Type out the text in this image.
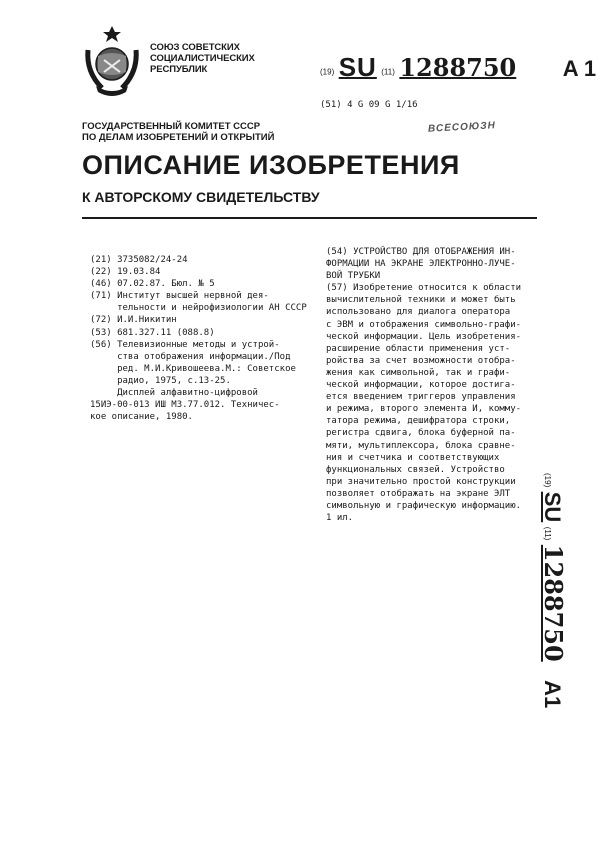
СОЮЗ СОВЕТСКИХ
СОЦИАЛИСТИЧЕСКИХ
РЕСПУБЛИК	(19) SU (11) 1288750 A 1
(51) 4 G 09 G 1/16
ГОСУДАРСТВЕННЫЙ КОМИТЕТ СССР
ПО ДЕЛАМ ИЗОБРЕТЕНИЙ И ОТКРЫТИЙ
ВСЕСОЮЗН
ОПИСАНИЕ ИЗОБРЕТЕНИЯ
К АВТОРСКОМУ СВИДЕТЕЛЬСТВУ
(21) 3735082/24-24
(22) 19.03.84
(46) 07.02.87. Бюл. № 5
(71) Институт высшей нервной дея-
тельности и нейрофизиологии АН СССР
(72) И.И.Никитин
(53) 681.327.11 (088.8)
(56) Телевизионные методы и устрой-
ства отображения информации./Под
ред. М.И.Кривошеева.М.: Советское
радио, 1975, с.13-25.
Дисплей алфавитно-цифровой
15ИЭ-00-013 ИШ МЗ.77.012. Техничес-
кое описание, 1980.
(54) УСТРОЙСТВО ДЛЯ ОТОБРАЖЕНИЯ ИН-
ФОРМАЦИИ НА ЭКРАНЕ ЭЛЕКТРОННО-ЛУЧЕ-
ВОЙ ТРУБКИ
(57) Изобретение относится к области
вычислительной техники и может быть
использовано для диалога оператора
с ЭВМ и отображения символьно-графи-
ческой информации. Цель изобретения-
расширение области применения уст-
ройства за счет возможности отобра-
жения как символьной, так и графи-
ческой информации, которое достига-
ется введением триггеров управления
и режима, второго элемента И, комму-
татора режима, дешифратора строки,
регистра сдвига, блока буферной па-
мяти, мультиплексора, блока сравне-
ния и счетчика и соответствующих
функциональных связей. Устройство
при значительно простой конструкции
позволяет отображать на экране ЭЛТ
символьную и графическую информацию.
1 ил.
(19) SU (11) 1288750 A1
